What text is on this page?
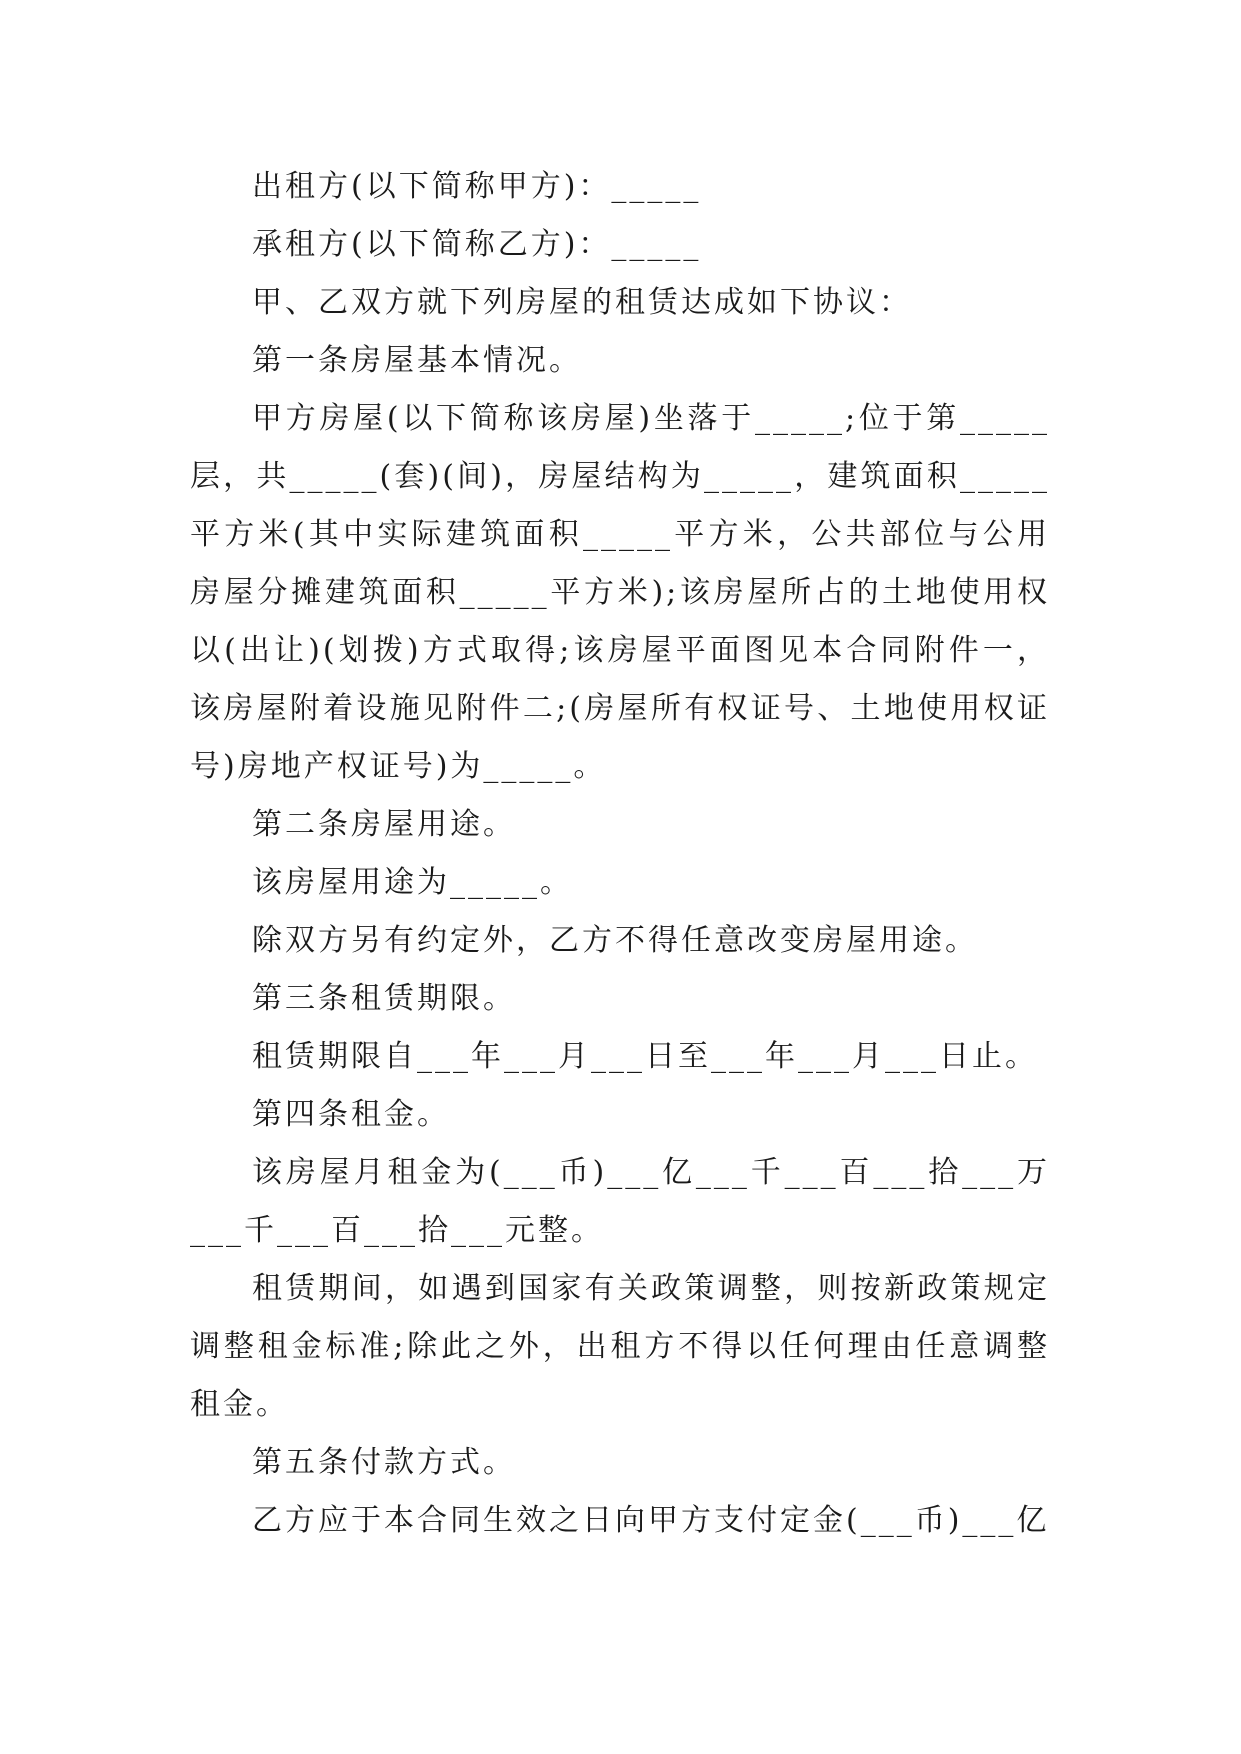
出租方(以下简称甲方)：_____

承租方(以下简称乙方)：_____

甲、乙双方就下列房屋的租赁达成如下协议：

第一条房屋基本情况。

甲方房屋(以下简称该房屋)坐落于_____;位于第_____层，共_____(套)(间)，房屋结构为_____，建筑面积_____平方米(其中实际建筑面积_____平方米，公共部位与公用房屋分摊建筑面积_____平方米);该房屋所占的土地使用权以(出让)(划拨)方式取得;该房屋平面图见本合同附件一，该房屋附着设施见附件二;(房屋所有权证号、土地使用权证号)房地产权证号)为_____。

第二条房屋用途。

该房屋用途为_____。

除双方另有约定外，乙方不得任意改变房屋用途。

第三条租赁期限。

租赁期限自___年___月___日至___年___月___日止。

第四条租金。

该房屋月租金为(___币)___亿___千___百___拾___万___千___百___拾___元整。

租赁期间，如遇到国家有关政策调整，则按新政策规定调整租金标准;除此之外，出租方不得以任何理由任意调整租金。

第五条付款方式。

乙方应于本合同生效之日向甲方支付定金(___币)___亿
